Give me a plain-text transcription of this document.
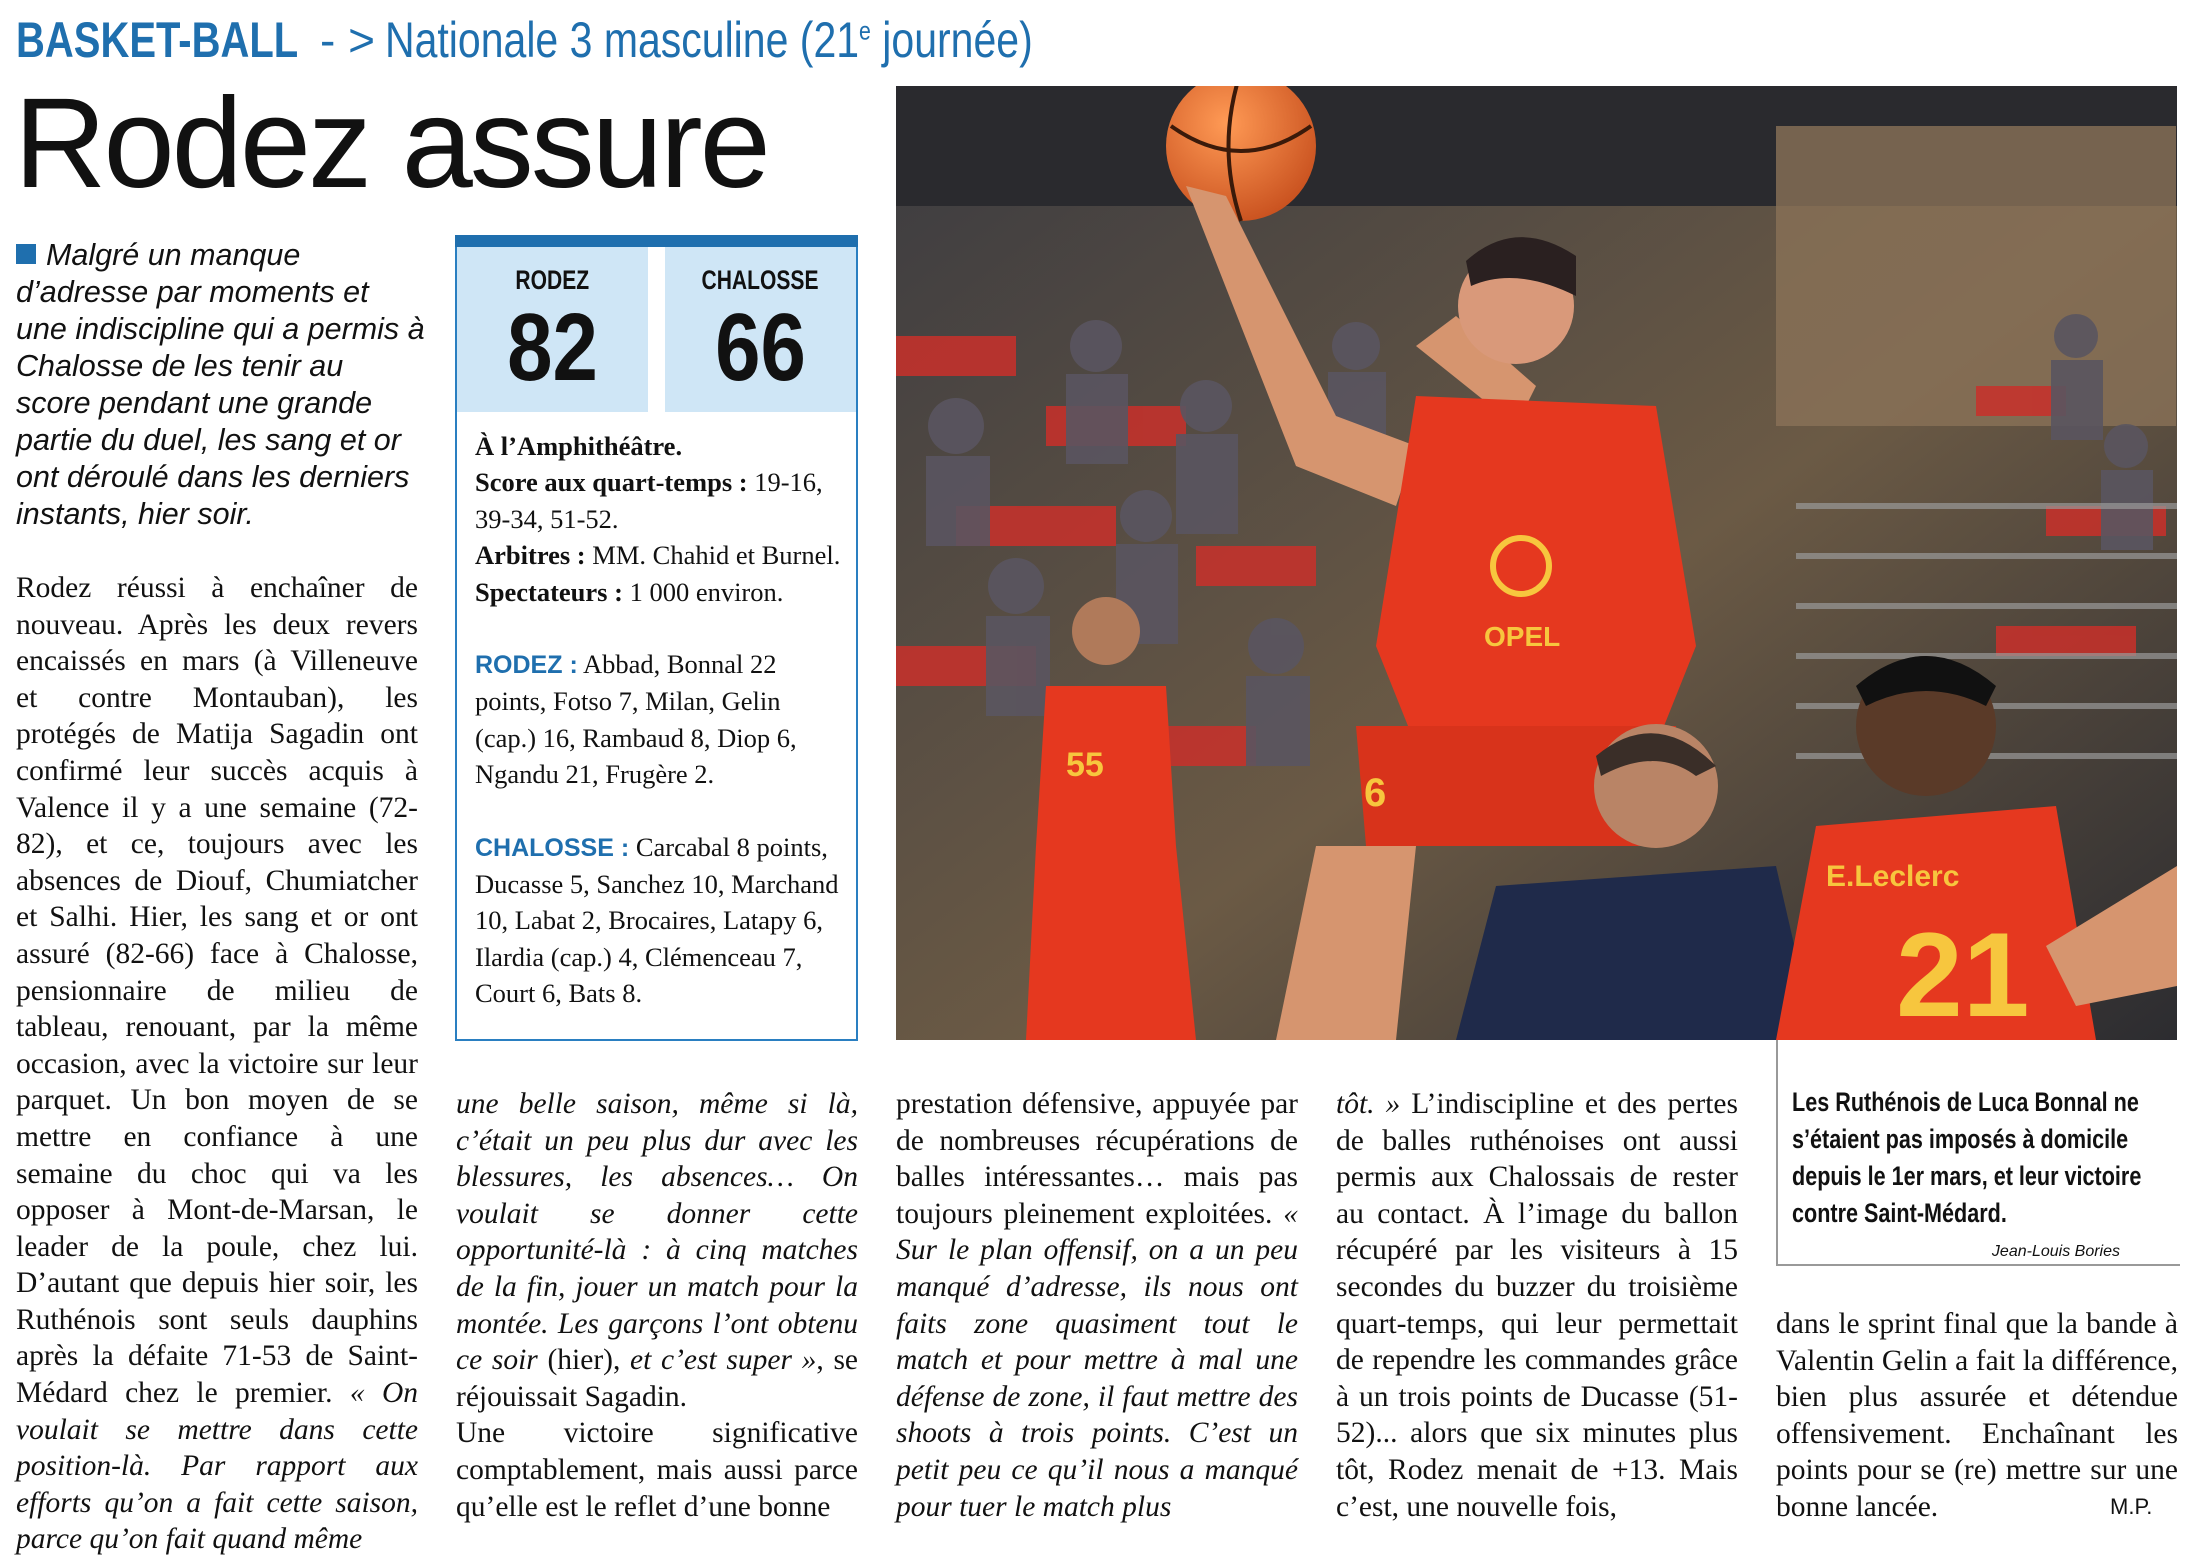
BASKET-BALL - > Nationale 3 masculine (21e journée)
Rodez assure
Malgré un manque d’adresse par moments et une indiscipline qui a permis à Chalosse de les tenir au score pendant une grande partie du duel, les sang et or ont déroulé dans les derniers instants, hier soir.
RODEZ
82
CHALOSSE
66

À l’Amphithéâtre.

Score aux quart-temps : 19-16, 39-34, 51-52.

Arbitres : MM. Chahid et Burnel.

Spectateurs : 1 000 environ.

RODEZ : Abbad, Bonnal 22 points, Fotso 7, Milan, Gelin (cap.) 16, Rambaud 8, Diop 6, Ngandu 21, Frugère 2.

CHALOSSE : Carcabal 8 points, Ducasse 5, Sanchez 10, Marchand 10, Labat 2, Brocaires, Latapy 6, Ilardia (cap.) 4, Clémenceau 7, Court 6, Bats 8.

55
OPEL
6
E.Leclerc
21

Rodez réussi à enchaîner de nouveau. Après les deux revers encaissés en mars (à Villeneuve et contre Montauban), les protégés de Matija Sagadin ont confirmé leur succès acquis à Valence il y a une semaine (72-82), et ce, toujours avec les absences de Diouf, Chumiatcher et Salhi. Hier, les sang et or ont assuré (82-66) face à Chalosse, pensionnaire de milieu de tableau, renouant, par la même occasion, avec la victoire sur leur parquet. Un bon moyen de se mettre en confiance à une semaine du choc qui va les opposer à Mont-de-Marsan, le leader de la poule, chez lui. D’autant que depuis hier soir, les Ruthénois sont seuls dauphins après la défaite 71-53 de Saint-Médard chez le premier. « On voulait se mettre dans cette position-là. Par rapport aux efforts qu’on a fait cette saison, parce qu’on fait quand même

une belle saison, même si là, c’était un peu plus dur avec les blessures, les absences… On voulait se donner cette opportunité-là : à cinq matches de la fin, jouer un match pour la montée. Les garçons l’ont obtenu ce soir (hier), et c’est super », se réjouissait Sagadin.

Une victoire significative comptablement, mais aussi parce qu’elle est le reflet d’une bonne

prestation défensive, appuyée par de nombreuses récupérations de balles intéressantes… mais pas toujours pleinement exploitées. « Sur le plan offensif, on a un peu manqué d’adresse, ils nous ont faits zone quasiment tout le match et pour mettre à mal une défense de zone, il faut mettre des shoots à trois points. C’est un petit peu ce qu’il nous a manqué pour tuer le match plus

tôt. » L’indiscipline et des pertes de balles ruthénoises ont aussi permis aux Chalossais de rester au contact. À l’image du ballon récupéré par les visiteurs à 15 secondes du buzzer du troisième quart-temps, qui leur permettait de rependre les commandes grâce à un trois points de Ducasse (51-52)... alors que six minutes plus tôt, Rodez menait de +13. Mais c’est, une nouvelle fois,

Les Ruthénois de Luca Bonnal ne s’étaient pas imposés à domicile depuis le 1er mars, et leur victoire contre Saint-Médard.
Jean-Louis Bories

dans le sprint final que la bande à Valentin Gelin a fait la différence, bien plus assurée et détendue offensivement. Enchaînant les points pour se (re) mettre sur une bonne lancée.	M.P.
